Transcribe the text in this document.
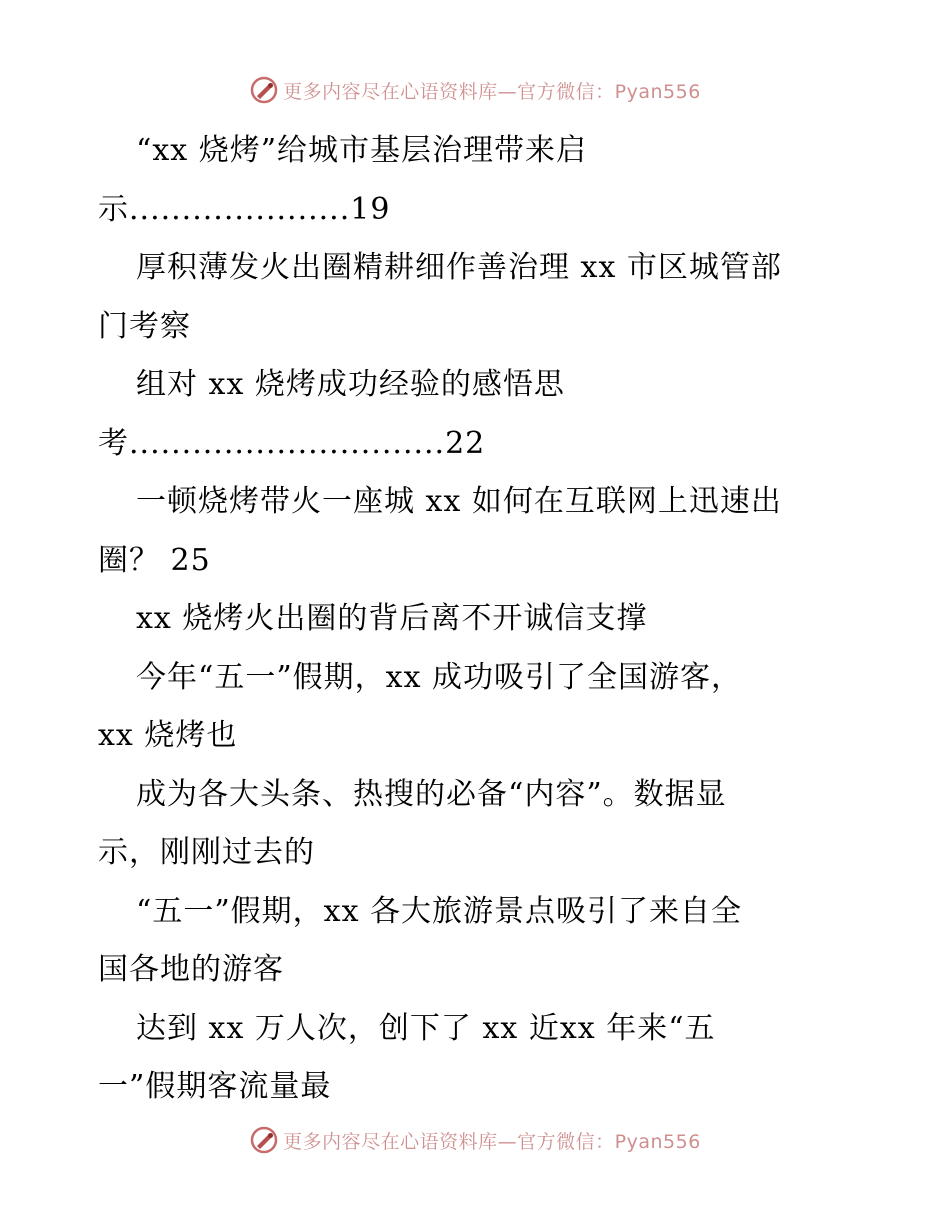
更多内容尽在心语资料库—官方微信：Pyan556
“xx 烧烤”给城市基层治理带来启
示.....................19
厚积薄发火出圈精耕细作善治理 xx 市区城管部
门考察
组对 xx 烧烤成功经验的感悟思
考..............................22
一顿烧烤带火一座城 xx 如何在互联网上迅速出
圈？ 25
xx 烧烤火出圈的背后离不开诚信支撑
今年“五一”假期，xx 成功吸引了全国游客，
xx 烧烤也
成为各大头条、热搜的必备“内容”。数据显
示，刚刚过去的
“五一”假期，xx 各大旅游景点吸引了来自全
国各地的游客
达到 xx 万人次，创下了 xx 近xx 年来“五
一”假期客流量最
更多内容尽在心语资料库—官方微信：Pyan556
